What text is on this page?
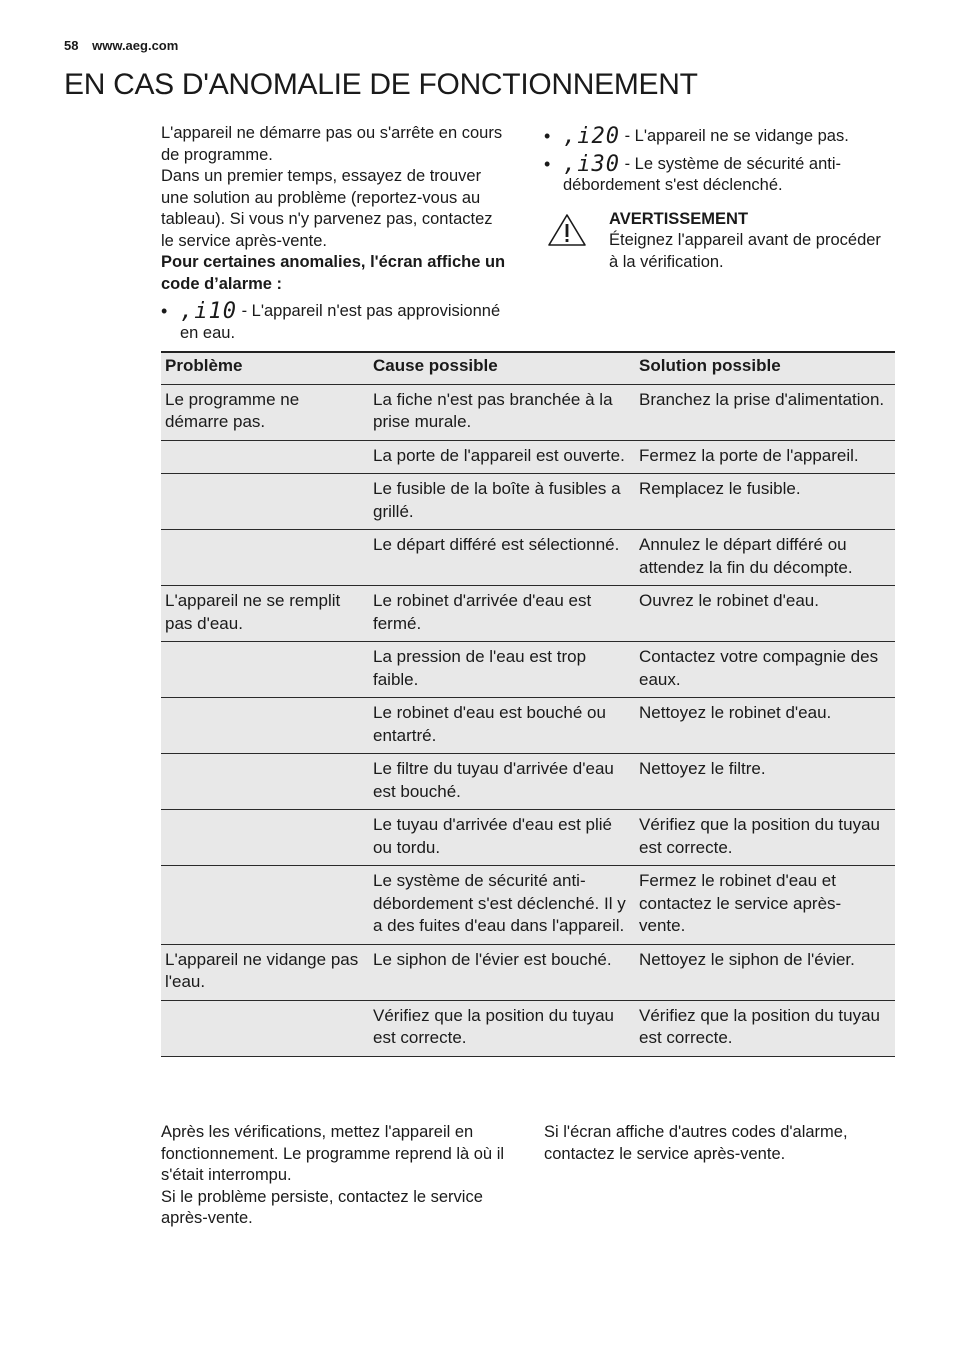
58 www.aeg.com
EN CAS D'ANOMALIE DE FONCTIONNEMENT

L'appareil ne démarre pas ou s'arrête en cours de programme.

Dans un premier temps, essayez de trouver une solution au problème (reportez-vous au tableau). Si vous n'y parvenez pas, contactez le service après-vente.

Pour certaines anomalies, l'écran affiche un code d’alarme :

• ,i10 - L'appareil n'est pas approvisionné en eau.
• ,i20 - L'appareil ne se vidange pas.
• ,i30 - Le système de sécurité anti-débordement s'est déclenché.

AVERTISSEMENT

Éteignez l'appareil avant de procéder à la vérification.

Problème	Cause possible	Solution possible
Le programme ne démarre pas.	La fiche n'est pas branchée à la prise murale.	Branchez la prise d'alimentation.
	La porte de l'appareil est ouverte.	Fermez la porte de l'appareil.
	Le fusible de la boîte à fusibles a grillé.	Remplacez le fusible.
	Le départ différé est sélectionné.	Annulez le départ différé ou attendez la fin du décompte.
L'appareil ne se remplit pas d'eau.	Le robinet d'arrivée d'eau est fermé.	Ouvrez le robinet d'eau.
	La pression de l'eau est trop faible.	Contactez votre compagnie des eaux.
	Le robinet d'eau est bouché ou entartré.	Nettoyez le robinet d'eau.
	Le filtre du tuyau d'arrivée d'eau est bouché.	Nettoyez le filtre.
	Le tuyau d'arrivée d'eau est plié ou tordu.	Vérifiez que la position du tuyau est correcte.
	Le système de sécurité anti-débordement s'est déclenché. Il y a des fuites d'eau dans l'appareil.	Fermez le robinet d'eau et contactez le service après-vente.
L'appareil ne vidange pas l'eau.	Le siphon de l'évier est bouché.	Nettoyez le siphon de l'évier.
	Vérifiez que la position du tuyau est correcte.	Vérifiez que la position du tuyau est correcte.

Après les vérifications, mettez l'appareil en fonctionnement. Le programme reprend là où il s'était interrompu.

Si le problème persiste, contactez le service après-vente.

Si l'écran affiche d'autres codes d'alarme, contactez le service après-vente.
